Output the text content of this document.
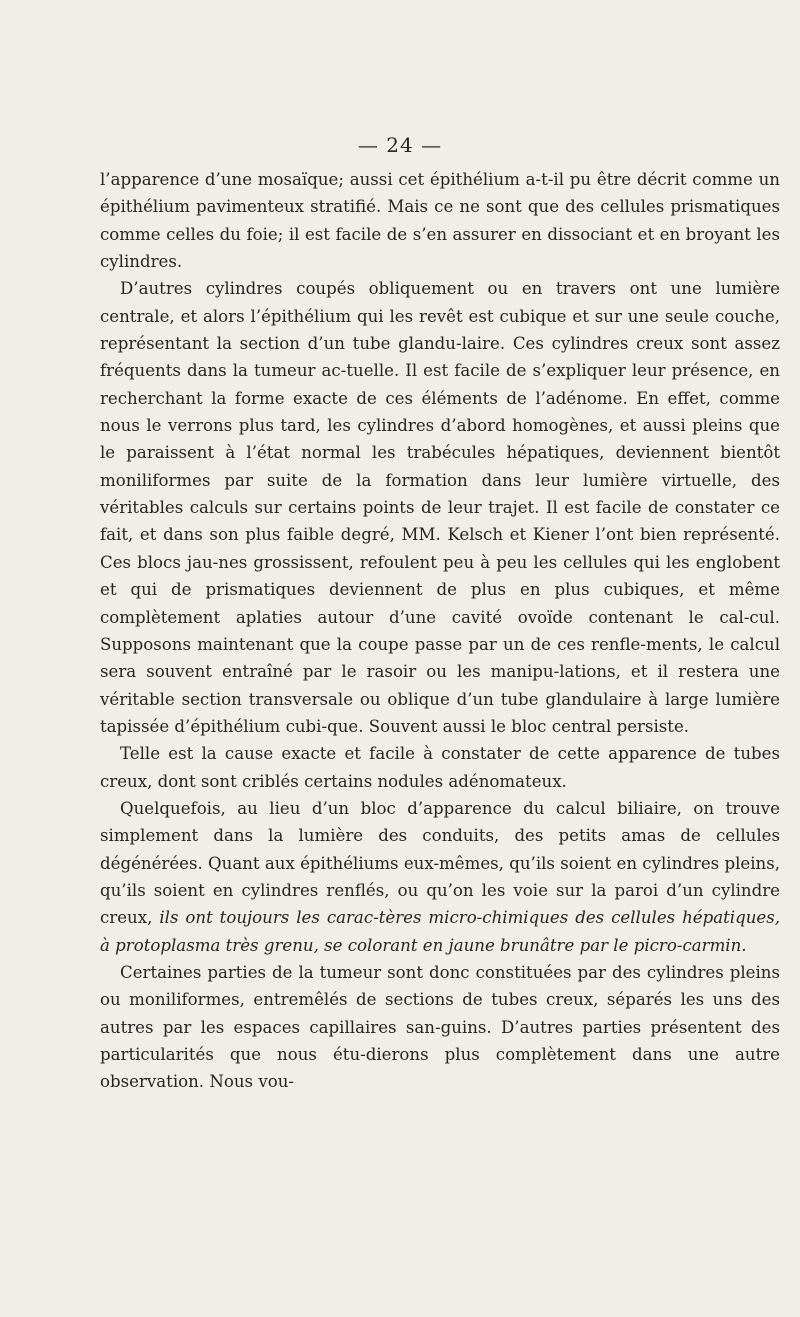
— 24 —

l’apparence d’une mosaïque; aussi cet épithélium a-t-il pu être décrit comme un épithélium pavimenteux stratifié. Mais ce ne sont que des cellules prismatiques comme celles du foie; il est facile de s’en assurer en dissociant et en broyant les cylindres.

D’autres cylindres coupés obliquement ou en travers ont une lumière centrale, et alors l’épithélium qui les revêt est cubique et sur une seule couche, représentant la section d’un tube glandu-laire. Ces cylindres creux sont assez fréquents dans la tumeur ac-tuelle. Il est facile de s’expliquer leur présence, en recherchant la forme exacte de ces éléments de l’adénome. En effet, comme nous le verrons plus tard, les cylindres d’abord homogènes, et aussi pleins que le paraissent à l’état normal les trabécules hépatiques, deviennent bientôt moniliformes par suite de la formation dans leur lumière virtuelle, des véritables calculs sur certains points de leur trajet. Il est facile de constater ce fait, et dans son plus faible degré, MM. Kelsch et Kiener l’ont bien représenté. Ces blocs jau-nes grossissent, refoulent peu à peu les cellules qui les englobent et qui de prismatiques deviennent de plus en plus cubiques, et même complètement aplaties autour d’une cavité ovoïde contenant le cal-cul. Supposons maintenant que la coupe passe par un de ces renfle-ments, le calcul sera souvent entraîné par le rasoir ou les manipu-lations, et il restera une véritable section transversale ou oblique d’un tube glandulaire à large lumière tapissée d’épithélium cubi-que. Souvent aussi le bloc central persiste.

Telle est la cause exacte et facile à constater de cette apparence de tubes creux, dont sont criblés certains nodules adénomateux.

Quelquefois, au lieu d’un bloc d’apparence du calcul biliaire, on trouve simplement dans la lumière des conduits, des petits amas de cellules dégénérées. Quant aux épithéliums eux-mêmes, qu’ils soient en cylindres pleins, qu’ils soient en cylindres renflés, ou qu’on les voie sur la paroi d’un cylindre creux, ils ont toujours les carac-tères micro-chimiques des cellules hépatiques, à protoplasma très grenu, se colorant en jaune brunâtre par le picro-carmin.

Certaines parties de la tumeur sont donc constituées par des cylindres pleins ou moniliformes, entremêlés de sections de tubes creux, séparés les uns des autres par les espaces capillaires san-guins. D’autres parties présentent des particularités que nous étu-dierons plus complètement dans une autre observation. Nous vou-
